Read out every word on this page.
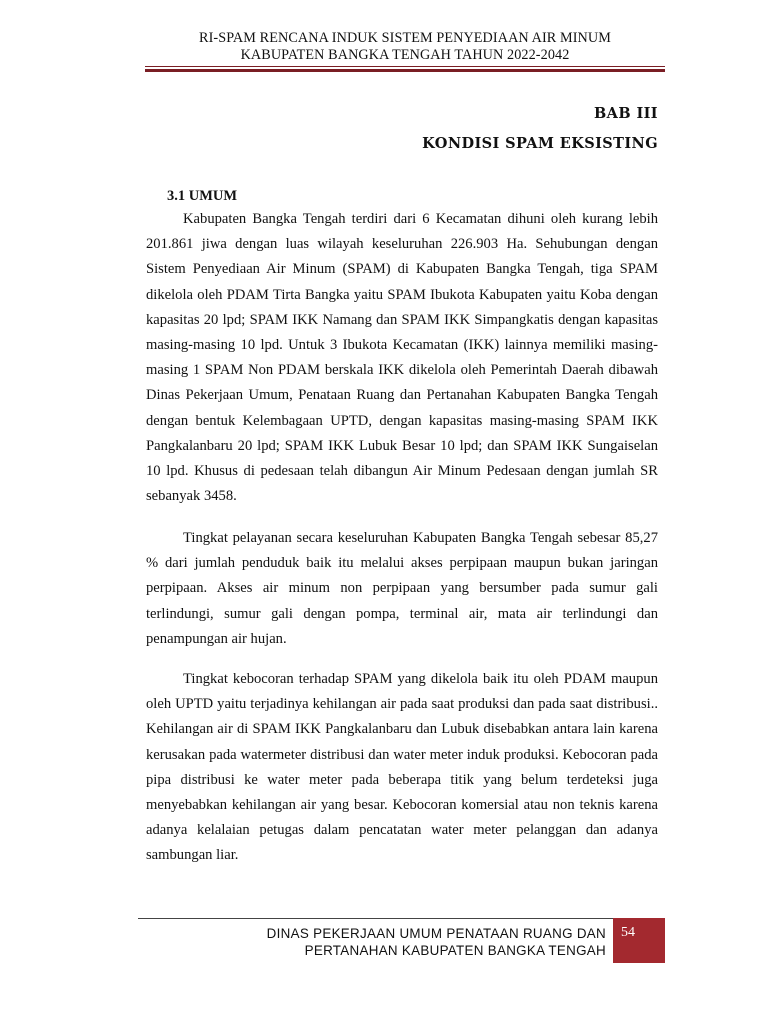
RI-SPAM RENCANA INDUK SISTEM PENYEDIAAN AIR MINUM
KABUPATEN BANGKA TENGAH TAHUN 2022-2042
BAB III
KONDISI SPAM EKSISTING
3.1 UMUM

Kabupaten Bangka Tengah terdiri dari 6 Kecamatan dihuni oleh kurang lebih 201.861 jiwa dengan luas wilayah keseluruhan 226.903 Ha. Sehubungan dengan Sistem Penyediaan Air Minum (SPAM) di Kabupaten Bangka Tengah, tiga SPAM dikelola oleh PDAM Tirta Bangka yaitu SPAM Ibukota Kabupaten yaitu Koba dengan kapasitas 20 lpd; SPAM IKK Namang dan SPAM IKK Simpangkatis dengan kapasitas masing-masing 10 lpd. Untuk 3 Ibukota Kecamatan (IKK) lainnya memiliki masing-masing 1 SPAM Non PDAM berskala IKK dikelola oleh Pemerintah Daerah dibawah Dinas Pekerjaan Umum, Penataan Ruang dan Pertanahan Kabupaten Bangka Tengah dengan bentuk Kelembagaan UPTD, dengan kapasitas masing-masing SPAM IKK Pangkalanbaru 20 lpd; SPAM IKK Lubuk Besar 10 lpd; dan SPAM IKK Sungaiselan 10 lpd. Khusus di pedesaan telah dibangun Air Minum Pedesaan dengan jumlah SR sebanyak 3458.

Tingkat pelayanan secara keseluruhan Kabupaten Bangka Tengah sebesar 85,27 % dari jumlah penduduk baik itu melalui akses perpipaan maupun bukan jaringan perpipaan. Akses air minum non perpipaan yang bersumber pada sumur gali terlindungi, sumur gali dengan pompa, terminal air, mata air terlindungi dan penampungan air hujan.

Tingkat kebocoran terhadap SPAM yang dikelola baik itu oleh PDAM maupun oleh UPTD yaitu terjadinya kehilangan air pada saat produksi dan pada saat distribusi.. Kehilangan air di SPAM IKK Pangkalanbaru dan Lubuk disebabkan antara lain karena kerusakan pada watermeter distribusi dan water meter induk produksi. Kebocoran pada pipa distribusi ke water meter pada beberapa titik yang belum terdeteksi juga menyebabkan kehilangan air yang besar. Kebocoran komersial atau non teknis karena adanya kelalaian petugas dalam pencatatan water meter pelanggan dan adanya sambungan liar.

DINAS PEKERJAAN UMUM PENATAAN RUANG DAN
PERTANAHAN KABUPATEN BANGKA TENGAH
54
